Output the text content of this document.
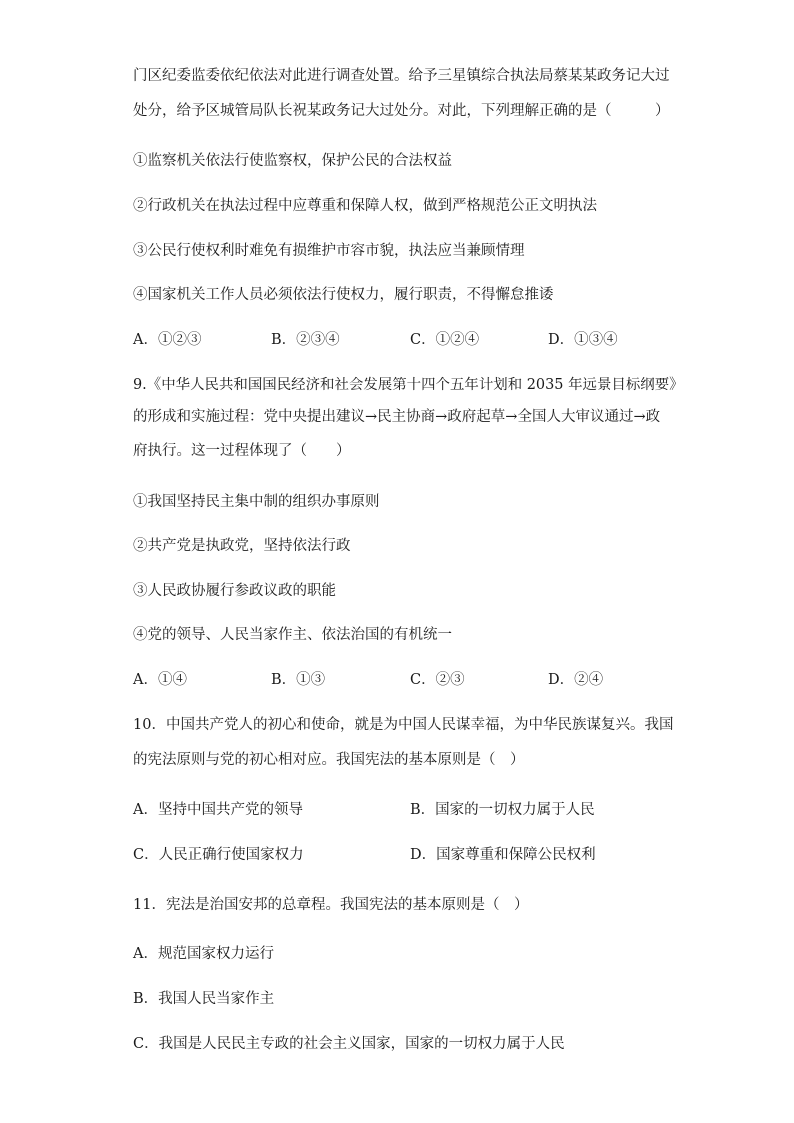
门区纪委监委依纪依法对此进行调查处置。给予三星镇综合执法局蔡某某政务记大过
处分，给予区城管局队长祝某政务记大过处分。对此，下列理解正确的是（　　　）
①监察机关依法行使监察权，保护公民的合法权益
②行政机关在执法过程中应尊重和保障人权，做到严格规范公正文明执法
③公民行使权利时难免有损维护市容市貌，执法应当兼顾情理
④国家机关工作人员必须依法行使权力，履行职责，不得懈怠推诿
A．①②③	B．②③④	C．①②④	D．①③④
9.《中华人民共和国国民经济和社会发展第十四个五年计划和 2035 年远景目标纲要》
的形成和实施过程：党中央提出建议→民主协商→政府起草→全国人大审议通过→政
府执行。这一过程体现了（　　）
①我国坚持民主集中制的组织办事原则
②共产党是执政党，坚持依法行政
③人民政协履行参政议政的职能
④党的领导、人民当家作主、依法治国的有机统一
A．①④	B．①③	C．②③	D．②④
10．中国共产党人的初心和使命，就是为中国人民谋幸福，为中华民族谋复兴。我国
的宪法原则与党的初心相对应。我国宪法的基本原则是（　）
A．坚持中国共产党的领导	B．国家的一切权力属于人民
C．人民正确行使国家权力	D．国家尊重和保障公民权利
11．宪法是治国安邦的总章程。我国宪法的基本原则是（　）
A．规范国家权力运行
B．我国人民当家作主
C．我国是人民民主专政的社会主义国家，国家的一切权力属于人民
